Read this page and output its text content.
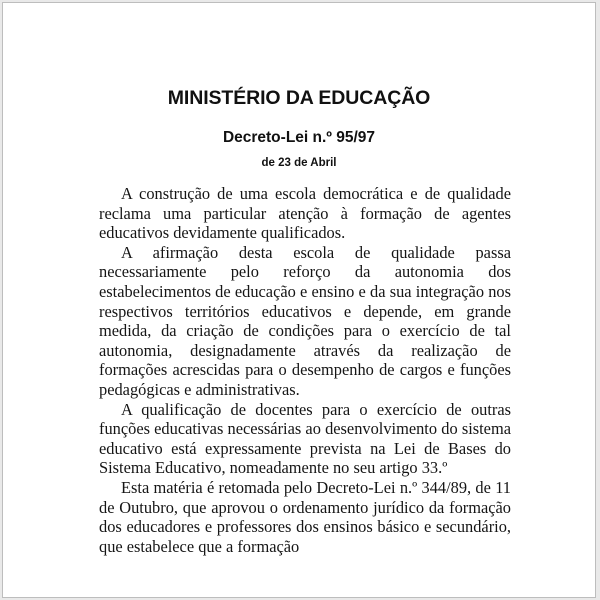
MINISTÉRIO DA EDUCAÇÃO
Decreto-Lei n.º 95/97
de 23 de Abril

A construção de uma escola democrática e de qualidade reclama uma particular atenção à formação de agentes educativos devidamente qualificados.

A afirmação desta escola de qualidade passa necessariamente pelo reforço da autonomia dos estabelecimentos de educação e ensino e da sua integração nos respectivos territórios educativos e depende, em grande medida, da criação de condições para o exercício de tal autonomia, designadamente através da realização de formações acrescidas para o desempenho de cargos e funções pedagógicas e administrativas.

A qualificação de docentes para o exercício de outras funções educativas necessárias ao desenvolvimento do sistema educativo está expressamente prevista na Lei de Bases do Sistema Educativo, nomeadamente no seu artigo 33.º

Esta matéria é retomada pelo Decreto-Lei n.º 344/89, de 11 de Outubro, que aprovou o ordenamento jurídico da formação dos educadores e professores dos ensinos básico e secundário, que estabelece que a formação
